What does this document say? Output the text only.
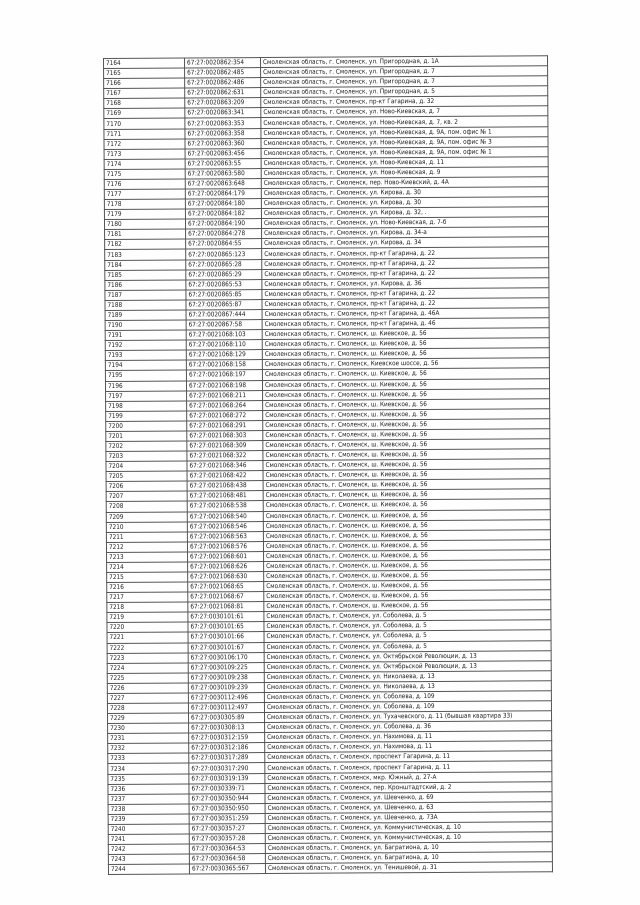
7164	67:27:0020862:354	Смоленская область, г. Смоленск, ул. Пригородная, д. 1А
7165	67:27:0020862:485	Смоленская область, г. Смоленск, ул. Пригородная, д. 7
7166	67:27:0020862:486	Смоленская область, г. Смоленск, ул. Пригородная, д. 7
7167	67:27:0020862:631	Смоленская область, г. Смоленск, ул. Пригородная, д. 5
7168	67:27:0020863:209	Смоленская область, г. Смоленск, пр-кт Гагарина, д. 32
7169	67:27:0020863:341	Смоленская область, г. Смоленск, ул. Ново-Киевская, д. 7
7170	67:27:0020863:353	Смоленская область, г. Смоленск, ул. Ново-Киевская, д. 7, кв. 2
7171	67:27:0020863:358	Смоленская область, г. Смоленск, ул. Ново-Киевская, д. 9А, пом. офис № 1
7172	67:27:0020863:360	Смоленская область, г. Смоленск, ул. Ново-Киевская, д. 9А, пом. офис № 3
7173	67:27:0020863:456	Смоленская область, г. Смоленск, ул. Ново-Киевская, д. 9А, пом. офис № 1
7174	67:27:0020863:55	Смоленская область, г. Смоленск, ул. Ново-Киевская, д. 11
7175	67:27:0020863:580	Смоленская область, г. Смоленск, ул. Ново-Киевская, д. 9
7176	67:27:0020863:648	Смоленская область, г. Смоленск, пер. Ново-Киевский, д. 4А
7177	67:27:0020864:179	Смоленская область, г. Смоленск, ул. Кирова, д. 30
7178	67:27:0020864:180	Смоленская область, г. Смоленск, ул. Кирова, д. 30
7179	67:27:0020864:182	Смоленская область, г. Смоленск, ул. Кирова, д. 32, .
7180	67:27:0020864:190	Смоленская область, г. Смоленск, ул. Ново-Киевская, д. 7-б
7181	67:27:0020864:278	Смоленская область, г. Смоленск, ул. Кирова, д. 34-а
7182	67:27:0020864:55	Смоленская область, г. Смоленск, ул. Кирова, д. 34
7183	67:27:0020865:123	Смоленская область, г. Смоленск, пр-кт Гагарина, д. 22
7184	67:27:0020865:28	Смоленская область, г. Смоленск, пр-кт Гагарина, д. 22
7185	67:27:0020865:29	Смоленская область, г. Смоленск, пр-кт Гагарина, д. 22
7186	67:27:0020865:53	Смоленская область, г. Смоленск, ул. Кирова, д. 36
7187	67:27:0020865:85	Смоленская область, г. Смоленск, пр-кт Гагарина, д. 22
7188	67:27:0020865:87	Смоленская область, г. Смоленск, пр-кт Гагарина, д. 22
7189	67:27:0020867:444	Смоленская область, г. Смоленск, пр-кт Гагарина, д. 46А
7190	67:27:0020867:58	Смоленская область, г. Смоленск, пр-кт Гагарина, д. 46
7191	67:27:0021068:103	Смоленская область, г. Смоленск, ш. Киевское, д. 56
7192	67:27:0021068:110	Смоленская область, г. Смоленск, ш. Киевское, д. 56
7193	67:27:0021068:129	Смоленская область, г. Смоленск, ш. Киевское, д. 56
7194	67:27:0021068:158	Смоленская область, г. Смоленск, Киевское шоссе, д. 56
7195	67:27:0021068:197	Смоленская область, г. Смоленск, ш. Киевское, д. 56
7196	67:27:0021068:198	Смоленская область, г. Смоленск, ш. Киевское, д. 56
7197	67:27:0021068:211	Смоленская область, г. Смоленск, ш. Киевское, д. 56
7198	67:27:0021068:264	Смоленская область, г. Смоленск, ш. Киевское, д. 56
7199	67:27:0021068:272	Смоленская область, г. Смоленск, ш. Киевское, д. 56
7200	67:27:0021068:291	Смоленская область, г. Смоленск, ш. Киевское, д. 56
7201	67:27:0021068:303	Смоленская область, г. Смоленск, ш. Киевское, д. 56
7202	67:27:0021068:309	Смоленская область, г. Смоленск, ш. Киевское, д. 56
7203	67:27:0021068:322	Смоленская область, г. Смоленск, ш. Киевское, д. 56
7204	67:27:0021068:346	Смоленская область, г. Смоленск, ш. Киевское, д. 56
7205	67:27:0021068:422	Смоленская область, г. Смоленск, ш. Киевское, д. 56
7206	67:27:0021068:438	Смоленская область, г. Смоленск, ш. Киевское, д. 56
7207	67:27:0021068:481	Смоленская область, г. Смоленск, ш. Киевское, д. 56
7208	67:27:0021068:538	Смоленская область, г. Смоленск, ш. Киевское, д. 56
7209	67:27:0021068:540	Смоленская область, г. Смоленск, ш. Киевское, д. 56
7210	67:27:0021068:546	Смоленская область, г. Смоленск, ш. Киевское, д. 56
7211	67:27:0021068:563	Смоленская область, г. Смоленск, ш. Киевское, д. 56
7212	67:27:0021068:576	Смоленская область, г. Смоленск, ш. Киевское, д. 56
7213	67:27:0021068:601	Смоленская область, г. Смоленск, ш. Киевское, д. 56
7214	67:27:0021068:626	Смоленская область, г. Смоленск, ш. Киевское, д. 56
7215	67:27:0021068:630	Смоленская область, г. Смоленск, ш. Киевское, д. 56
7216	67:27:0021068:65	Смоленская область, г. Смоленск, ш. Киевское, д. 56
7217	67:27:0021068:67	Смоленская область, г. Смоленск, ш. Киевское, д. 56
7218	67:27:0021068:81	Смоленская область, г. Смоленск, ш. Киевское, д. 56
7219	67:27:0030101:61	Смоленская область, г. Смоленск, ул. Соболева, д. 5
7220	67:27:0030101:65	Смоленская область, г. Смоленск, ул. Соболева, д. 5
7221	67:27:0030101:66	Смоленская область, г. Смоленск, ул. Соболева, д. 5
7222	67:27:0030101:67	Смоленская область, г. Смоленск, ул. Соболева, д. 5
7223	67:27:0030106:170	Смоленская область, г. Смоленск, ул. Октябрьской Революции, д. 13
7224	67:27:0030109:225	Смоленская область, г. Смоленск, ул. Октябрьской Революции, д. 13
7225	67:27:0030109:238	Смоленская область, г. Смоленск, ул. Николаева, д. 13
7226	67:27:0030109:239	Смоленская область, г. Смоленск, ул. Николаева, д. 13
7227	67:27:0030112:496	Смоленская область, г. Смоленск, ул. Соболева, д. 109
7228	67:27:0030112:497	Смоленская область, г. Смоленск, ул. Соболева, д. 109
7229	67:27:0030305:89	Смоленская область, г. Смоленск, ул. Тухачевского, д. 11 (бывшая квартира 33)
7230	67:27:0030308:13	Смоленская область, г. Смоленск, ул. Соболева, д. 36
7231	67:27:0030312:159	Смоленская область, г. Смоленск, ул. Нахимова, д. 11
7232	67:27:0030312:186	Смоленская область, г. Смоленск, ул. Нахимова, д. 11
7233	67:27:0030317:289	Смоленская область, г. Смоленск, проспект Гагарина, д. 11
7234	67:27:0030317:290	Смоленская область, г. Смоленск, проспект Гагарина, д. 11
7235	67:27:0030319:139	Смоленская область, г. Смоленск, мкр. Южный, д. 27-А
7236	67:27:0030339:71	Смоленская область, г. Смоленск, пер. Кронштадтский, д. 2
7237	67:27:0030350:944	Смоленская область, г. Смоленск, ул. Шевченко, д. 69
7238	67:27:0030350:950	Смоленская область, г. Смоленск, ул. Шевченко, д. 63
7239	67:27:0030351:259	Смоленская область, г. Смоленск, ул. Шевченко, д. 73А
7240	67:27:0030357:27	Смоленская область, г. Смоленск, ул. Коммунистическая, д. 10
7241	67:27:0030357:28	Смоленская область, г. Смоленск, ул. Коммунистическая, д. 10
7242	67:27:0030364:53	Смоленская область, г. Смоленск, ул. Багратиона, д. 10
7243	67:27:0030364:58	Смоленская область, г. Смоленск, ул. Багратиона, д. 10
7244	67:27:0030365:567	Смоленская область, г. Смоленск, ул. Тенишевой, д. 31
